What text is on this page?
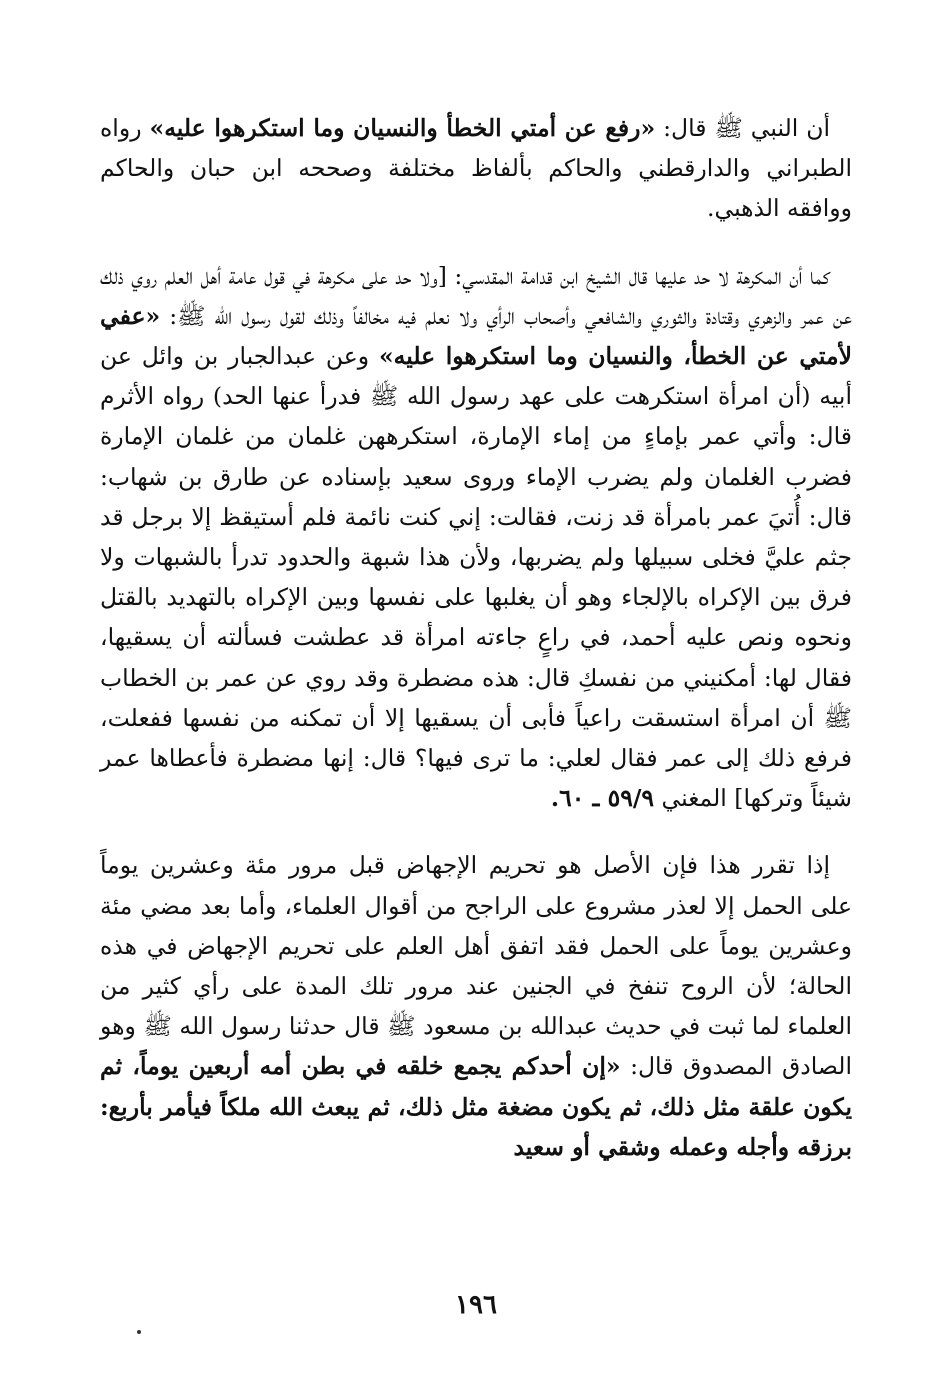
أن النبي ﷺ قال: «رفع عن أمتي الخطأ والنسيان وما استكرهوا عليه» رواه الطبراني والدارقطني والحاكم بألفاظ مختلفة وصححه ابن حبان والحاكم ووافقه الذهبي.

كما أن المكرهة لا حد عليها قال الشيخ ابن قدامة المقدسي: [ولا حد على مكرهة في قول عامة أهل العلم روي ذلك عن عمر والزهري وقتادة والثوري والشافعي وأصحاب الرأي ولا نعلم فيه مخالفاً وذلك لقول رسول الله ﷺ: «عفي لأمتي عن الخطأ، والنسيان وما استكرهوا عليه» وعن عبدالجبار بن وائل عن أبيه (أن امرأة استكرهت على عهد رسول الله ﷺ فدرأ عنها الحد) رواه الأثرم قال: وأتي عمر بإماءٍ من إماء الإمارة، استكرههن غلمان من غلمان الإمارة فضرب الغلمان ولم يضرب الإماء وروى سعيد بإسناده عن طارق بن شهاب: قال: أُتيَ عمر بامرأة قد زنت، فقالت: إني كنت نائمة فلم أستيقظ إلا برجل قد جثم عليَّ فخلى سبيلها ولم يضربها، ولأن هذا شبهة والحدود تدرأ بالشبهات ولا فرق بين الإكراه بالإلجاء وهو أن يغلبها على نفسها وبين الإكراه بالتهديد بالقتل ونحوه ونص عليه أحمد، في راعٍ جاءته امرأة قد عطشت فسألته أن يسقيها، فقال لها: أمكنيني من نفسكِ قال: هذه مضطرة وقد روي عن عمر بن الخطاب ﷺ أن امرأة استسقت راعياً فأبى أن يسقيها إلا أن تمكنه من نفسها ففعلت، فرفع ذلك إلى عمر فقال لعلي: ما ترى فيها؟ قال: إنها مضطرة فأعطاها عمر شيئاً وتركها] المغني ٥٩/٩ ـ ٦٠.

إذا تقرر هذا فإن الأصل هو تحريم الإجهاض قبل مرور مئة وعشرين يوماً على الحمل إلا لعذر مشروع على الراجح من أقوال العلماء، وأما بعد مضي مئة وعشرين يوماً على الحمل فقد اتفق أهل العلم على تحريم الإجهاض في هذه الحالة؛ لأن الروح تنفخ في الجنين عند مرور تلك المدة على رأي كثير من العلماء لما ثبت في حديث عبدالله بن مسعود ﷺ قال حدثنا رسول الله ﷺ وهو الصادق المصدوق قال: «إن أحدكم يجمع خلقه في بطن أمه أربعين يوماً، ثم يكون علقة مثل ذلك، ثم يكون مضغة مثل ذلك، ثم يبعث الله ملكاً فيأمر بأربع: برزقه وأجله وعمله وشقي أو سعيد

١٩٦
